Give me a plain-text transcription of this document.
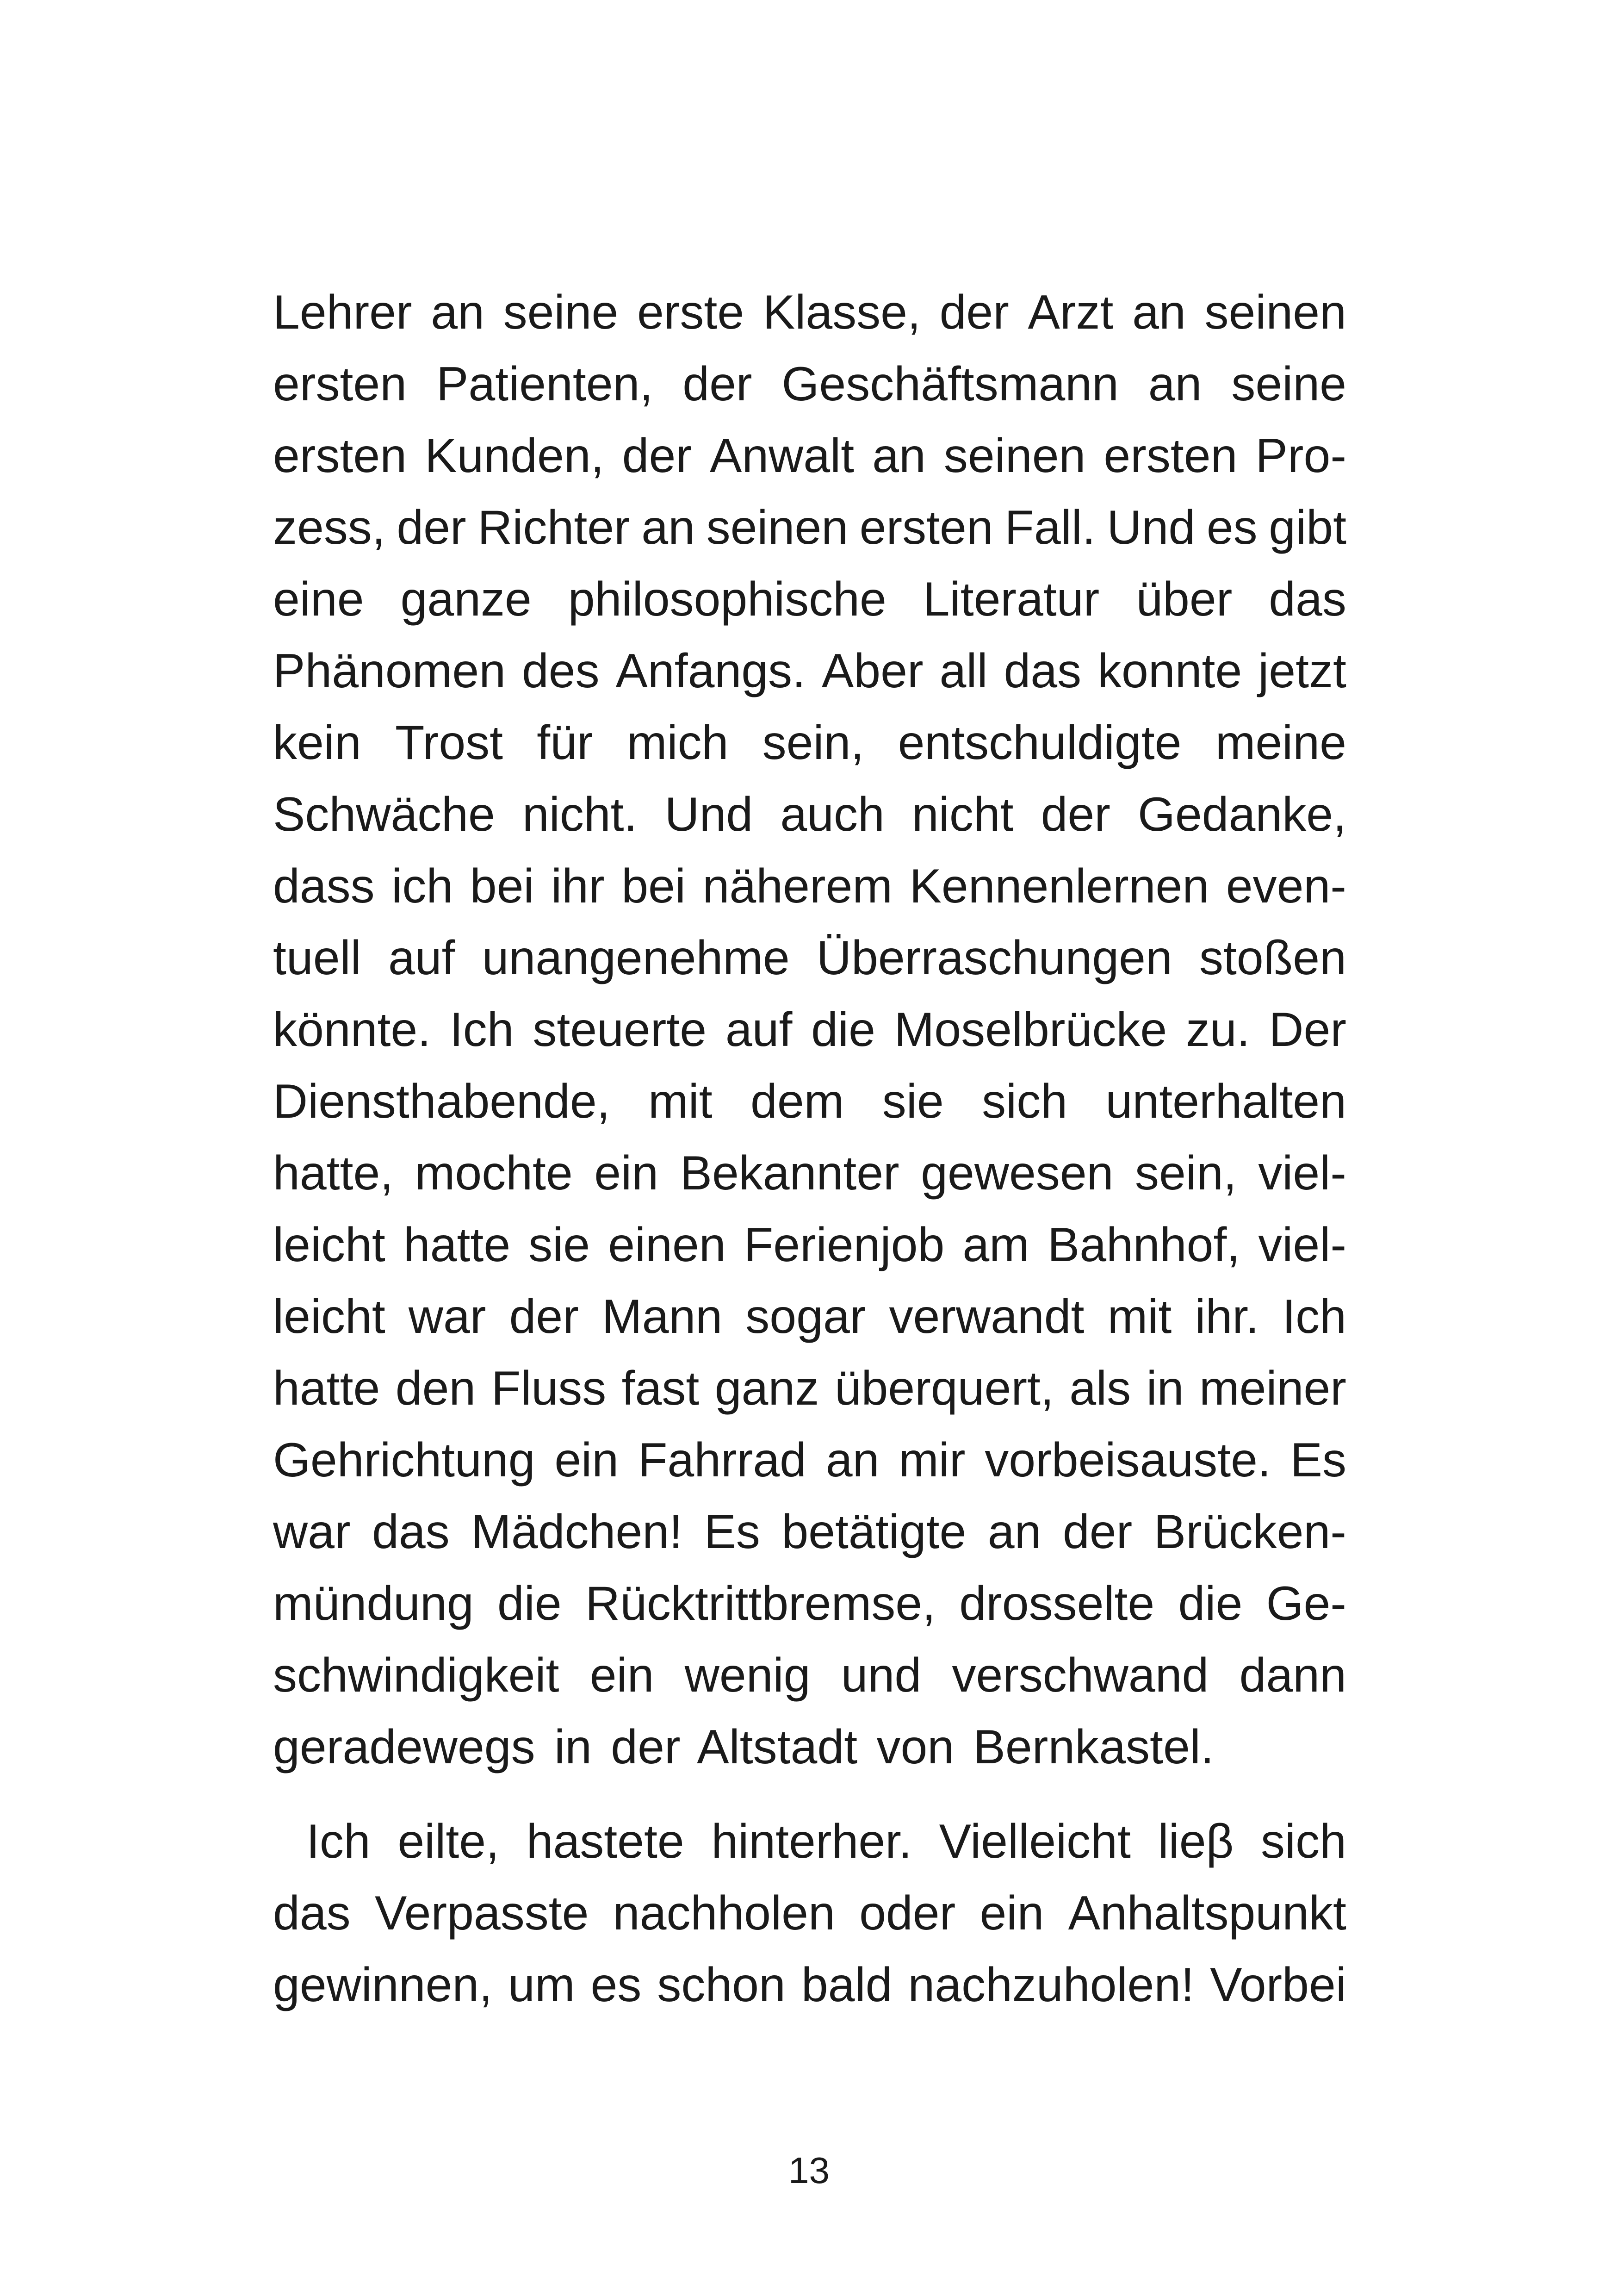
Lehrer an seine erste Klasse, der Arzt an seinen
ersten Patienten, der Geschäftsmann an seine
ersten Kunden, der Anwalt an seinen ersten Pro-
zess, der Richter an seinen ersten Fall. Und es gibt
eine ganze philosophische Literatur über das
Phänomen des Anfangs. Aber all das konnte jetzt
kein Trost für mich sein, entschuldigte meine
Schwäche nicht. Und auch nicht der Gedanke,
dass ich bei ihr bei näherem Kennenlernen even-
tuell auf unangenehme Überraschungen stoßen
könnte. Ich steuerte auf die Moselbrücke zu. Der
Diensthabende, mit dem sie sich unterhalten
hatte, mochte ein Bekannter gewesen sein, viel-
leicht hatte sie einen Ferienjob am Bahnhof, viel-
leicht war der Mann sogar verwandt mit ihr. Ich
hatte den Fluss fast ganz überquert, als in meiner
Gehrichtung ein Fahrrad an mir vorbeisauste. Es
war das Mädchen! Es betätigte an der Brücken-
mündung die Rücktrittbremse, drosselte die Ge-
schwindigkeit ein wenig und verschwand dann
geradewegs in der Altstadt von Bernkastel.
Ich eilte, hastete hinterher. Vielleicht lieβ sich
das Verpasste nachholen oder ein Anhaltspunkt
gewinnen, um es schon bald nachzuholen! Vorbei
13
